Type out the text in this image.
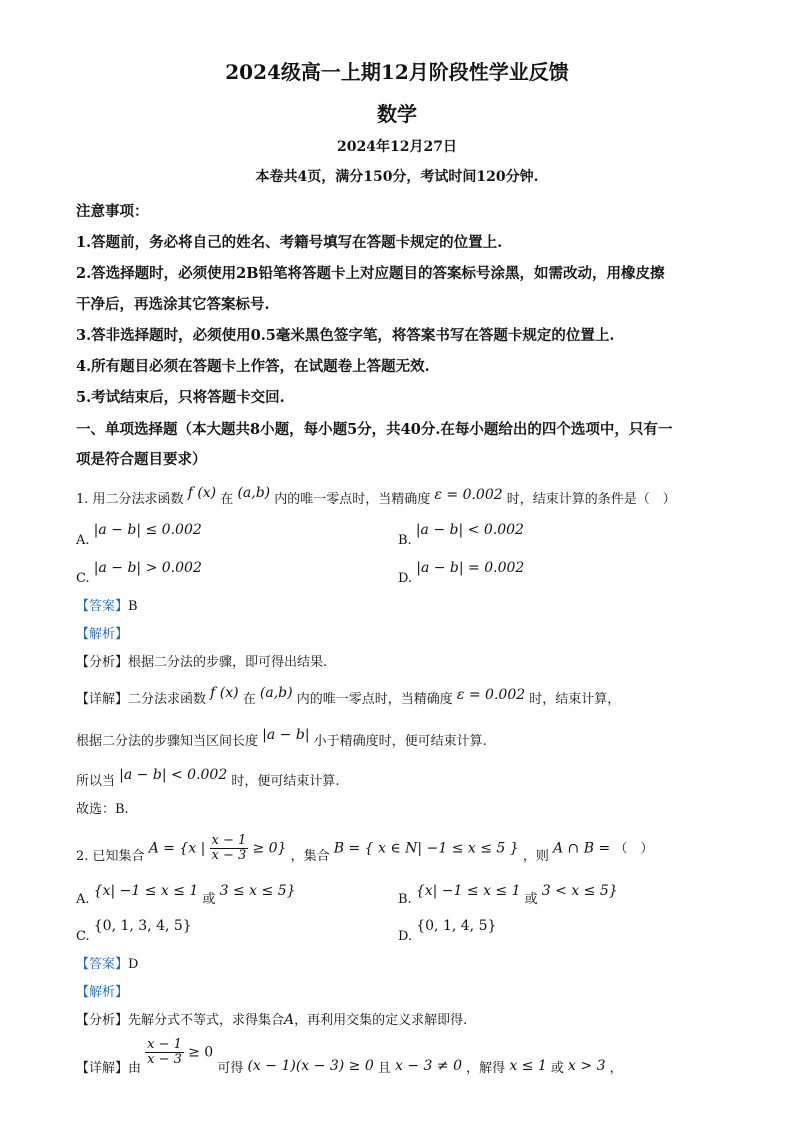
2024级高一上期12月阶段性学业反馈
数学
2024年12月27日
本卷共4页，满分150分，考试时间120分钟.
注意事项：
1.答题前，务必将自己的姓名、考籍号填写在答题卡规定的位置上.
2.答选择题时，必须使用2B铅笔将答题卡上对应题目的答案标号涂黑，如需改动，用橡皮擦
干净后，再选涂其它答案标号.
3.答非选择题时，必须使用0.5毫米黑色签字笔，将答案书写在答题卡规定的位置上.
4.所有题目必须在答题卡上作答，在试题卷上答题无效.
5.考试结束后，只将答题卡交回.
一、单项选择题（本大题共8小题，每小题5分，共40分.在每小题给出的四个选项中，只有一
项是符合题目要求）
1. 用二分法求函数 f (x) 在 (a,b) 内的唯一零点时，当精确度 ε = 0.002 时，结束计算的条件是（　）
A. |a − b| ≤ 0.002
B. |a − b| < 0.002
C. |a − b| > 0.002
D. |a − b| = 0.002
【答案】B
【解析】
【分析】根据二分法的步骤，即可得出结果.
【详解】二分法求函数 f (x) 在 (a,b) 内的唯一零点时，当精确度 ε = 0.002 时，结束计算，
根据二分法的步骤知当区间长度 |a − b| 小于精确度时，便可结束计算.
所以当 |a − b| < 0.002 时，便可结束计算.
故选：B.
2. 已知集合 A = {x | $\frac{x - 1}{x - 3} \ge 0$} ，集合 B = { x ∈ N| −1 ≤ x ≤ 5 } ，则 A ∩ B = （　）
A. {x| −1 ≤ x ≤ 1 或 3 ≤ x ≤ 5}
B. {x| −1 ≤ x ≤ 1 或 3 < x ≤ 5}
C. {0, 1, 3, 4, 5}
D. {0, 1, 4, 5}
【答案】D
【解析】
【分析】先解分式不等式，求得集合A，再利用交集的定义求解即得.
【详解】由
$\frac{x - 1}{x - 3} \ge 0$ 可得 (x − 1)(x − 3) ≥ 0 且 x − 3 ≠ 0 ，解得 x ≤ 1 或 x > 3 ，
